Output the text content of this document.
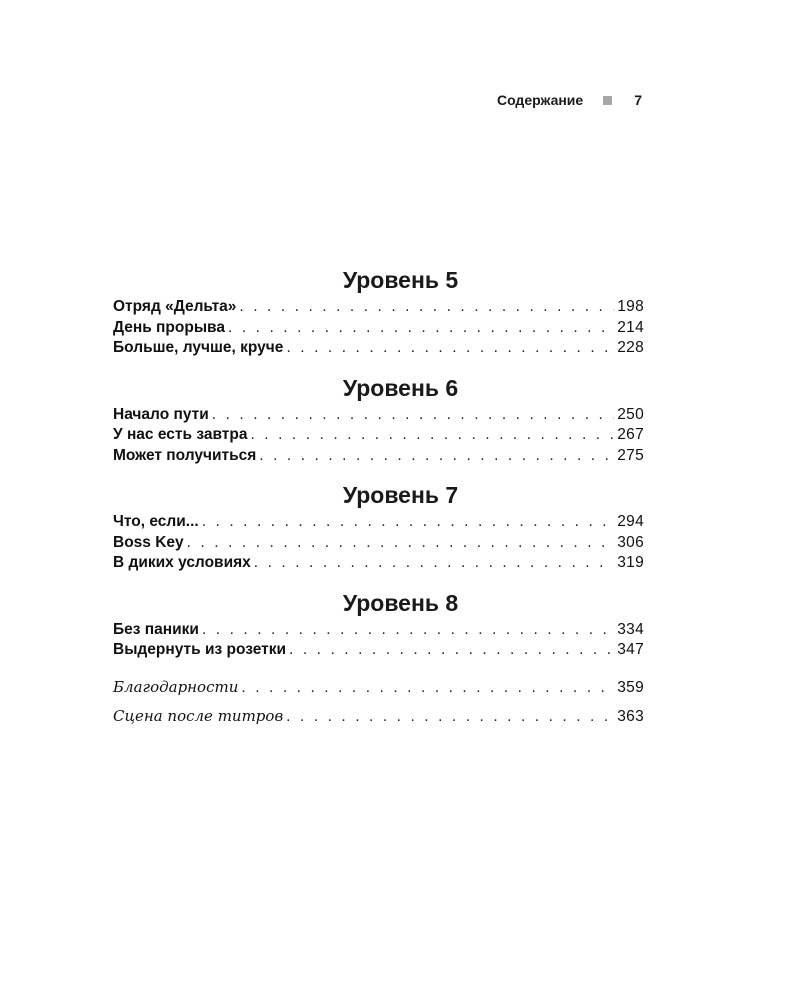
Содержание	7
Уровень 5
Отряд «Дельта» . . .	198
День прорыва . . .	214
Больше, лучше, круче . . .	228
Уровень 6
Начало пути . . .	250
У нас есть завтра . . .	267
Может получиться . . .	275
Уровень 7
Что, если... . . .	294
Boss Key . . .	306
В диких условиях . . .	319
Уровень 8
Без паники . . .	334
Выдернуть из розетки . . .	347
Благодарности . . .	359
Сцена после титров . . .	363
